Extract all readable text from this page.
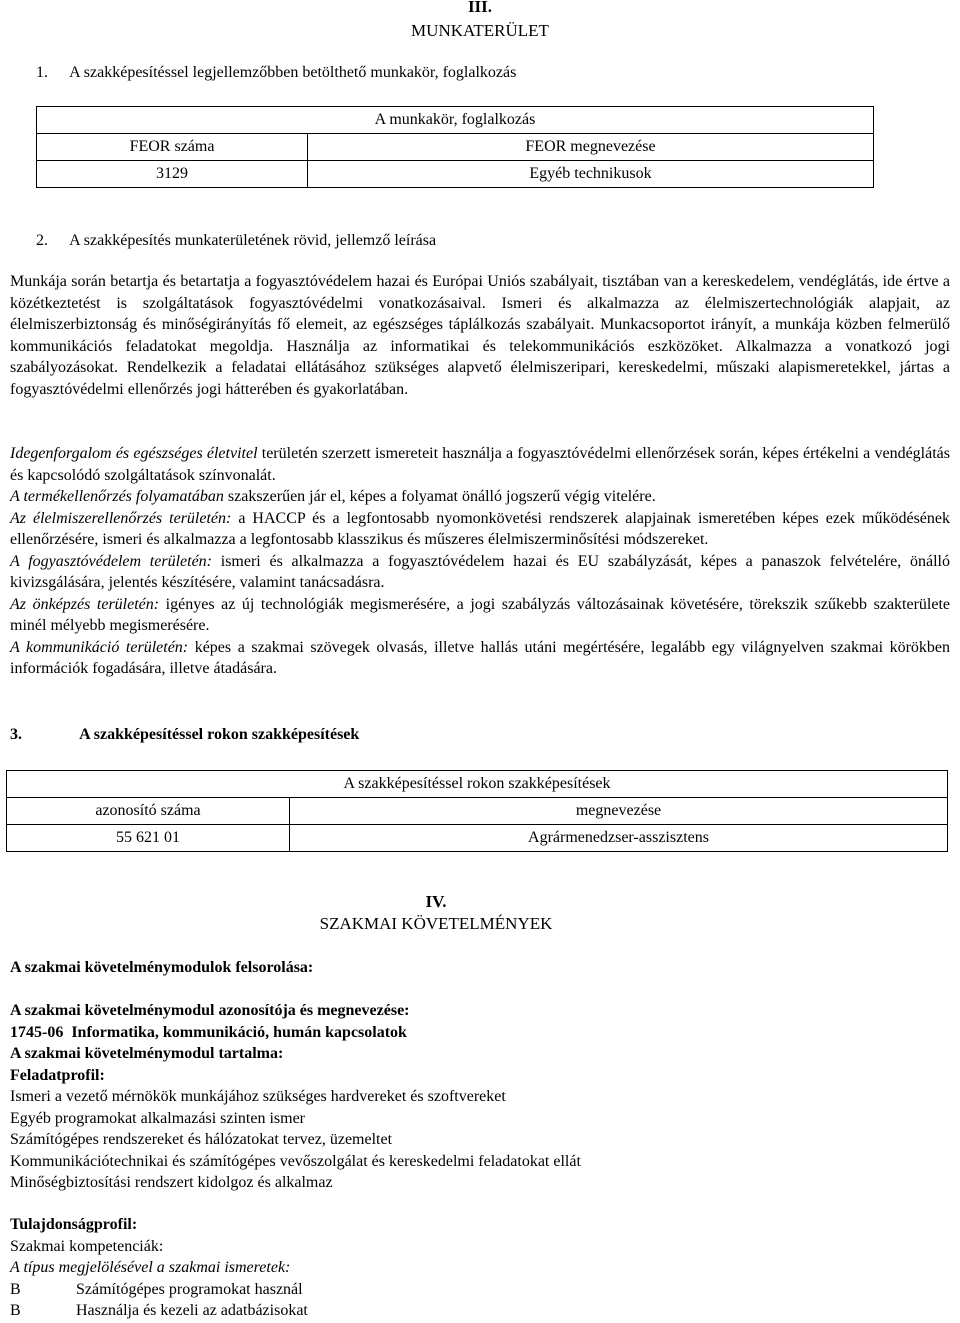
III.
MUNKATERÜLET
1. A szakképesítéssel legjellemzőbben betölthető munkakör, foglalkozás
A munkakör, foglalkozás	
FEOR száma	FEOR megnevezése
3129	Egyéb technikusok
2. A szakképesítés munkaterületének rövid, jellemző leírása

Munkája során betartja és betartatja a fogyasztóvédelem hazai és Európai Uniós szabályait, tisztában van a kereskedelem, vendéglátás, ide értve a közétkeztetést is szolgáltatások fogyasztóvédelmi vonatkozásaival. Ismeri és alkalmazza az élelmiszertechnológiák alapjait, az élelmiszerbiztonság és minőségirányítás fő elemeit, az egészséges táplálkozás szabályait. Munkacsoportot irányít, a munkája közben felmerülő kommunikációs feladatokat megoldja. Használja az informatikai és telekommunikációs eszközöket. Alkalmazza a vonatkozó jogi szabályozásokat. Rendelkezik a feladatai ellátásához szükséges alapvető élelmiszeripari, kereskedelmi, műszaki alapismeretekkel, jártas a fogyasztóvédelmi ellenőrzés jogi hátterében és gyakorlatában.

Idegenforgalom és egészséges életvitel területén szerzett ismereteit használja a fogyasztóvédelmi ellenőrzések során, képes értékelni a vendéglátás és kapcsolódó szolgáltatások színvonalát.

A termékellenőrzés folyamatában szakszerűen jár el, képes a folyamat önálló jogszerű végig vitelére.

Az élelmiszerellenőrzés területén: a HACCP és a legfontosabb nyomonkövetési rendszerek alapjainak ismeretében képes ezek működésének ellenőrzésére, ismeri és alkalmazza a legfontosabb klasszikus és műszeres élelmiszerminősítési módszereket.

A fogyasztóvédelem területén: ismeri és alkalmazza a fogyasztóvédelem hazai és EU szabályzását, képes a panaszok felvételére, önálló kivizsgálására, jelentés készítésére, valamint tanácsadásra.

Az önképzés területén: igényes az új technológiák megismerésére, a jogi szabályzás változásainak követésére, törekszik szűkebb szakterülete minél mélyebb megismerésére.

A kommunikáció területén: képes a szakmai szövegek olvasás, illetve hallás utáni megértésére, legalább egy világnyelven szakmai körökben információk fogadására, illetve átadására.

3.	A szakképesítéssel rokon szakképesítések
A szakképesítéssel rokon szakképesítések	
azonosító száma	megnevezése
55 621 01	Agrármenedzser-asszisztens
IV.
SZAKMAI KÖVETELMÉNYEK
A szakmai követelménymodulok felsorolása:
A szakmai követelménymodul azonosítója és megnevezése:
1745-06 Informatika, kommunikáció, humán kapcsolatok
A szakmai követelménymodul tartalma:
Feladatprofil:
Ismeri a vezető mérnökök munkájához szükséges hardvereket és szoftvereket
Egyéb programokat alkalmazási szinten ismer
Számítógépes rendszereket és hálózatokat tervez, üzemeltet
Kommunikációtechnikai és számítógépes vevőszolgálat és kereskedelmi feladatokat ellát
Minőségbiztosítási rendszert kidolgoz és alkalmaz
Tulajdonságprofil:
Szakmai kompetenciák:
A típus megjelölésével a szakmai ismeretek:
B	Számítógépes programokat használ
B	Használja és kezeli az adatbázisokat
